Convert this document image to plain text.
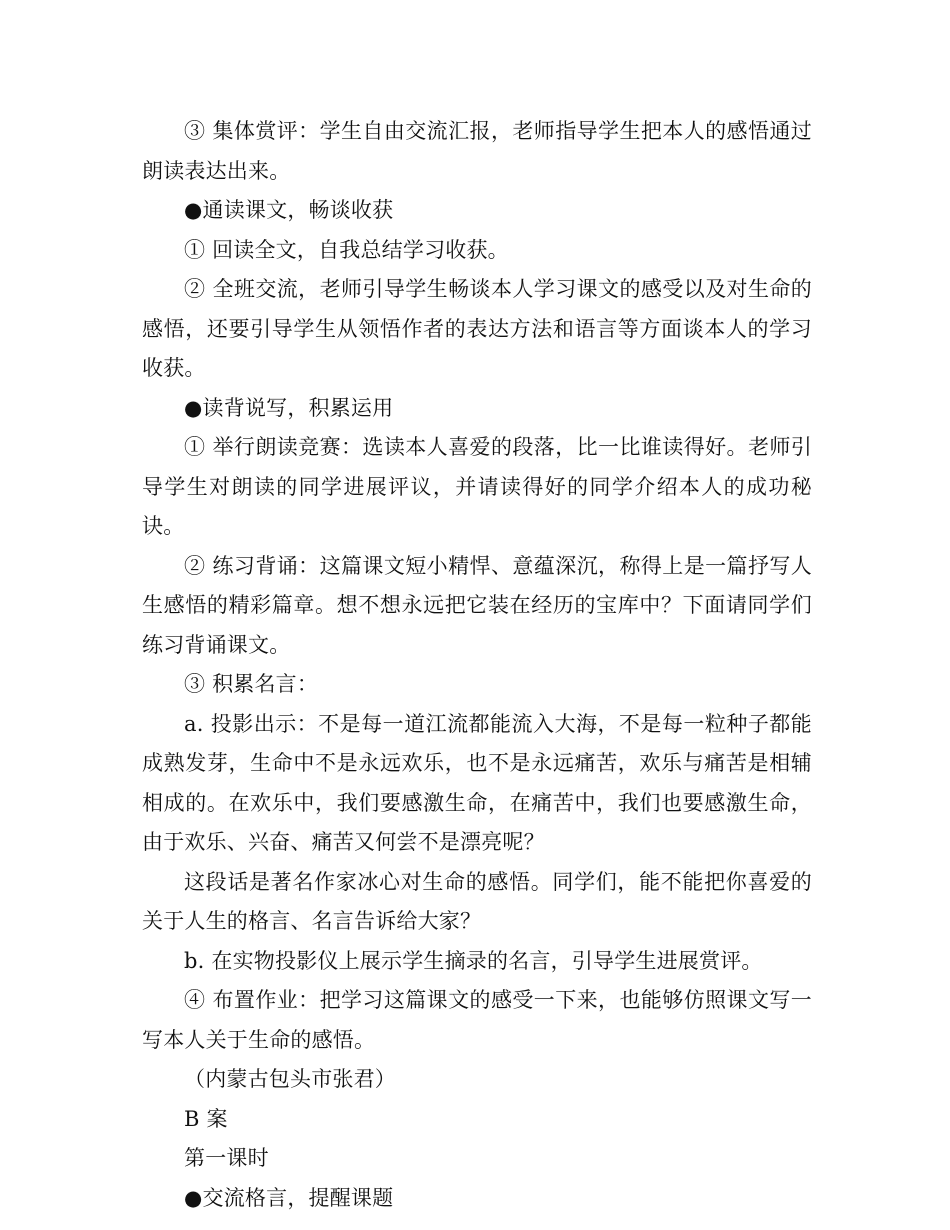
③ 集体赏评：学生自由交流汇报，老师指导学生把本人的感悟通过朗读表达出来。

●通读课文，畅谈收获

① 回读全文，自我总结学习收获。

② 全班交流，老师引导学生畅谈本人学习课文的感受以及对生命的感悟，还要引导学生从领悟作者的表达方法和语言等方面谈本人的学习收获。

●读背说写，积累运用

① 举行朗读竞赛：选读本人喜爱的段落，比一比谁读得好。老师引导学生对朗读的同学进展评议，并请读得好的同学介绍本人的成功秘诀。

② 练习背诵：这篇课文短小精悍、意蕴深沉，称得上是一篇抒写人生感悟的精彩篇章。想不想永远把它装在经历的宝库中？下面请同学们练习背诵课文。

③ 积累名言：

a. 投影出示：不是每一道江流都能流入大海，不是每一粒种子都能成熟发芽，生命中不是永远欢乐，也不是永远痛苦，欢乐与痛苦是相辅相成的。在欢乐中，我们要感激生命，在痛苦中，我们也要感激生命，由于欢乐、兴奋、痛苦又何尝不是漂亮呢？

这段话是著名作家冰心对生命的感悟。同学们，能不能把你喜爱的关于人生的格言、名言告诉给大家？

b. 在实物投影仪上展示学生摘录的名言，引导学生进展赏评。

④ 布置作业：把学习这篇课文的感受一下来，也能够仿照课文写一写本人关于生命的感悟。

（内蒙古包头市张君）

B 案

第一课时

●交流格言，提醒课题
